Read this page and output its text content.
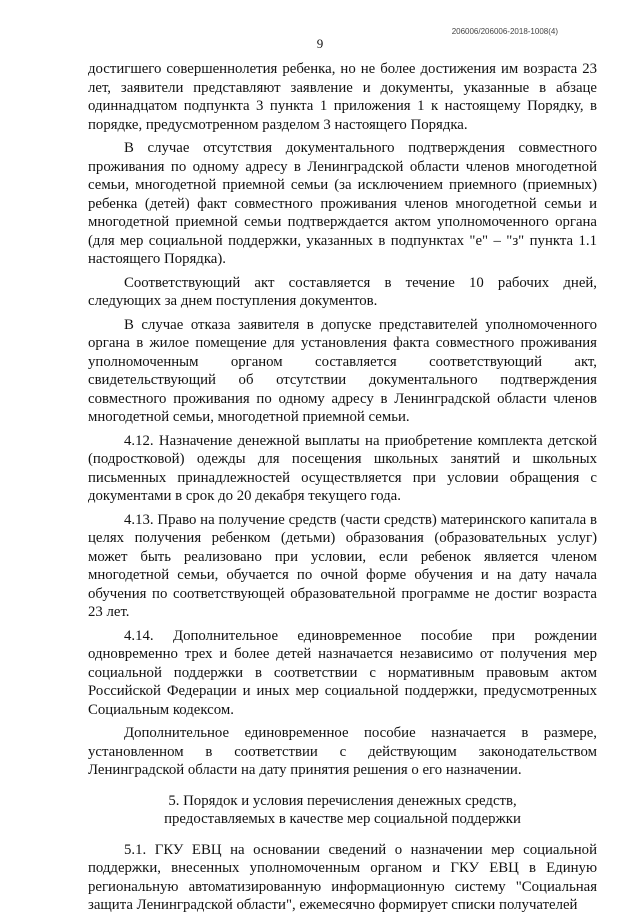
206006/206006-2018-1008(4)
9

достигшего совершеннолетия ребенка, но не более достижения им возраста 23 лет, заявители представляют заявление и документы, указанные в абзаце одиннадцатом подпункта 3 пункта 1 приложения 1 к настоящему Порядку, в порядке, предусмотренном разделом 3 настоящего Порядка.

В случае отсутствия документального подтверждения совместного проживания по одному адресу в Ленинградской области членов многодетной семьи, многодетной приемной семьи (за исключением приемного (приемных) ребенка (детей) факт совместного проживания членов многодетной семьи и многодетной приемной семьи подтверждается актом уполномоченного органа (для мер социальной поддержки, указанных в подпунктах "е" – "з" пункта 1.1 настоящего Порядка).

Соответствующий акт составляется в течение 10 рабочих дней, следующих за днем поступления документов.

В случае отказа заявителя в допуске представителей уполномоченного органа в жилое помещение для установления факта совместного проживания уполномоченным органом составляется соответствующий акт, свидетельствующий об отсутствии документального подтверждения совместного проживания по одному адресу в Ленинградской области членов многодетной семьи, многодетной приемной семьи.

4.12. Назначение денежной выплаты на приобретение комплекта детской (подростковой) одежды для посещения школьных занятий и школьных письменных принадлежностей осуществляется при условии обращения с документами в срок до 20 декабря текущего года.

4.13. Право на получение средств (части средств) материнского капитала в целях получения ребенком (детьми) образования (образовательных услуг) может быть реализовано при условии, если ребенок является членом многодетной семьи, обучается по очной форме обучения и на дату начала обучения по соответствующей образовательной программе не достиг возраста 23 лет.

4.14. Дополнительное единовременное пособие при рождении одновременно трех и более детей назначается независимо от получения мер социальной поддержки в соответствии с нормативным правовым актом Российской Федерации и иных мер социальной поддержки, предусмотренных Социальным кодексом.

Дополнительное единовременное пособие назначается в размере, установленном в соответствии с действующим законодательством Ленинградской области на дату принятия решения о его назначении.

5. Порядок и условия перечисления денежных средств,
предоставляемых в качестве мер социальной поддержки

5.1. ГКУ ЕВЦ на основании сведений о назначении мер социальной поддержки, внесенных уполномоченным органом и ГКУ ЕВЦ в Единую региональную автоматизированную информационную систему "Социальная защита Ленинградской области", ежемесячно формирует списки получателей
